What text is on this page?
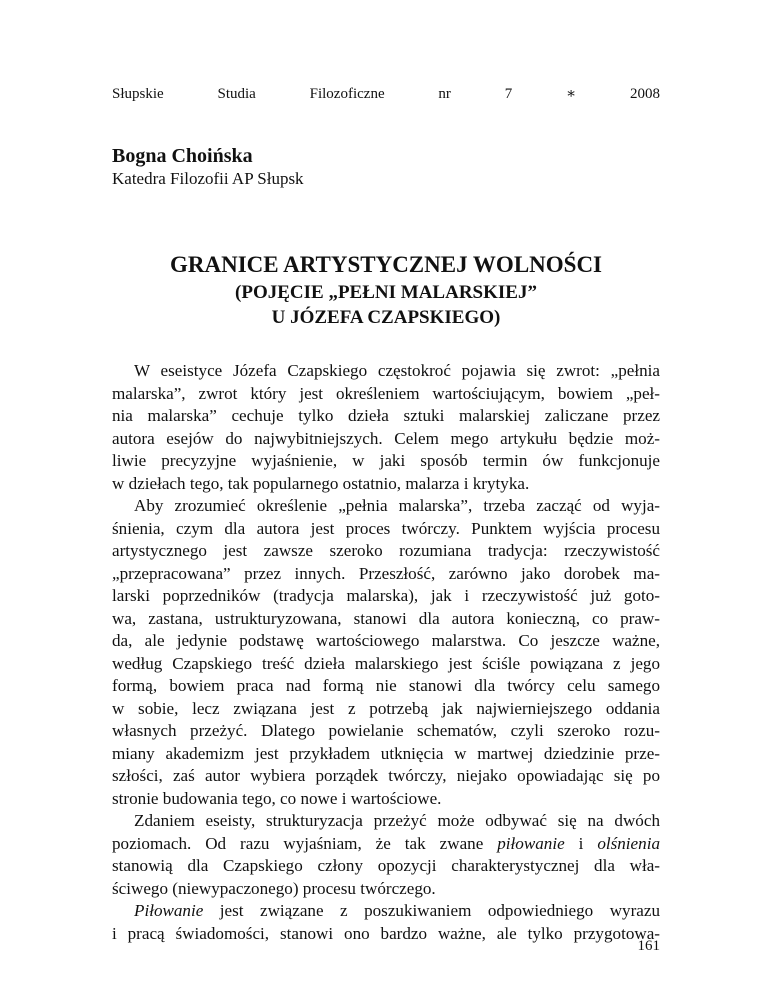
Słupskie	Studia	Filozoficzne	nr	7	∗	2008
Bogna Choińska
Katedra Filozofii AP Słupsk
GRANICE ARTYSTYCZNEJ WOLNOŚCI
(POJĘCIE „PEŁNI MALARSKIEJ”
U JÓZEFA CZAPSKIEGO)
W eseistyce Józefa Czapskiego częstokroć pojawia się zwrot: „pełnia
malarska”, zwrot który jest określeniem wartościującym, bowiem „peł-
nia malarska” cechuje tylko dzieła sztuki malarskiej zaliczane przez
autora esejów do najwybitniejszych. Celem mego artykułu będzie moż-
liwie precyzyjne wyjaśnienie, w jaki sposób termin ów funkcjonuje
w dziełach tego, tak popularnego ostatnio, malarza i krytyka.
Aby zrozumieć określenie „pełnia malarska”, trzeba zacząć od wyja-
śnienia, czym dla autora jest proces twórczy. Punktem wyjścia procesu
artystycznego jest zawsze szeroko rozumiana tradycja: rzeczywistość
„przepracowana” przez innych. Przeszłość, zarówno jako dorobek ma-
larski poprzedników (tradycja malarska), jak i rzeczywistość już goto-
wa, zastana, ustrukturyzowana, stanowi dla autora konieczną, co praw-
da, ale jedynie podstawę wartościowego malarstwa. Co jeszcze ważne,
według Czapskiego treść dzieła malarskiego jest ściśle powiązana z jego
formą, bowiem praca nad formą nie stanowi dla twórcy celu samego
w sobie, lecz związana jest z potrzebą jak najwierniejszego oddania
własnych przeżyć. Dlatego powielanie schematów, czyli szeroko rozu-
miany akademizm jest przykładem utknięcia w martwej dziedzinie prze-
szłości, zaś autor wybiera porządek twórczy, niejako opowiadając się po
stronie budowania tego, co nowe i wartościowe.
Zdaniem eseisty, strukturyzacja przeżyć może odbywać się na dwóch
poziomach. Od razu wyjaśniam, że tak zwane piłowanie i olśnienia
stanowią dla Czapskiego człony opozycji charakterystycznej dla wła-
ściwego (niewypaczonego) procesu twórczego.
Piłowanie jest związane z poszukiwaniem odpowiedniego wyrazu
i pracą świadomości, stanowi ono bardzo ważne, ale tylko przygotowa-
161
